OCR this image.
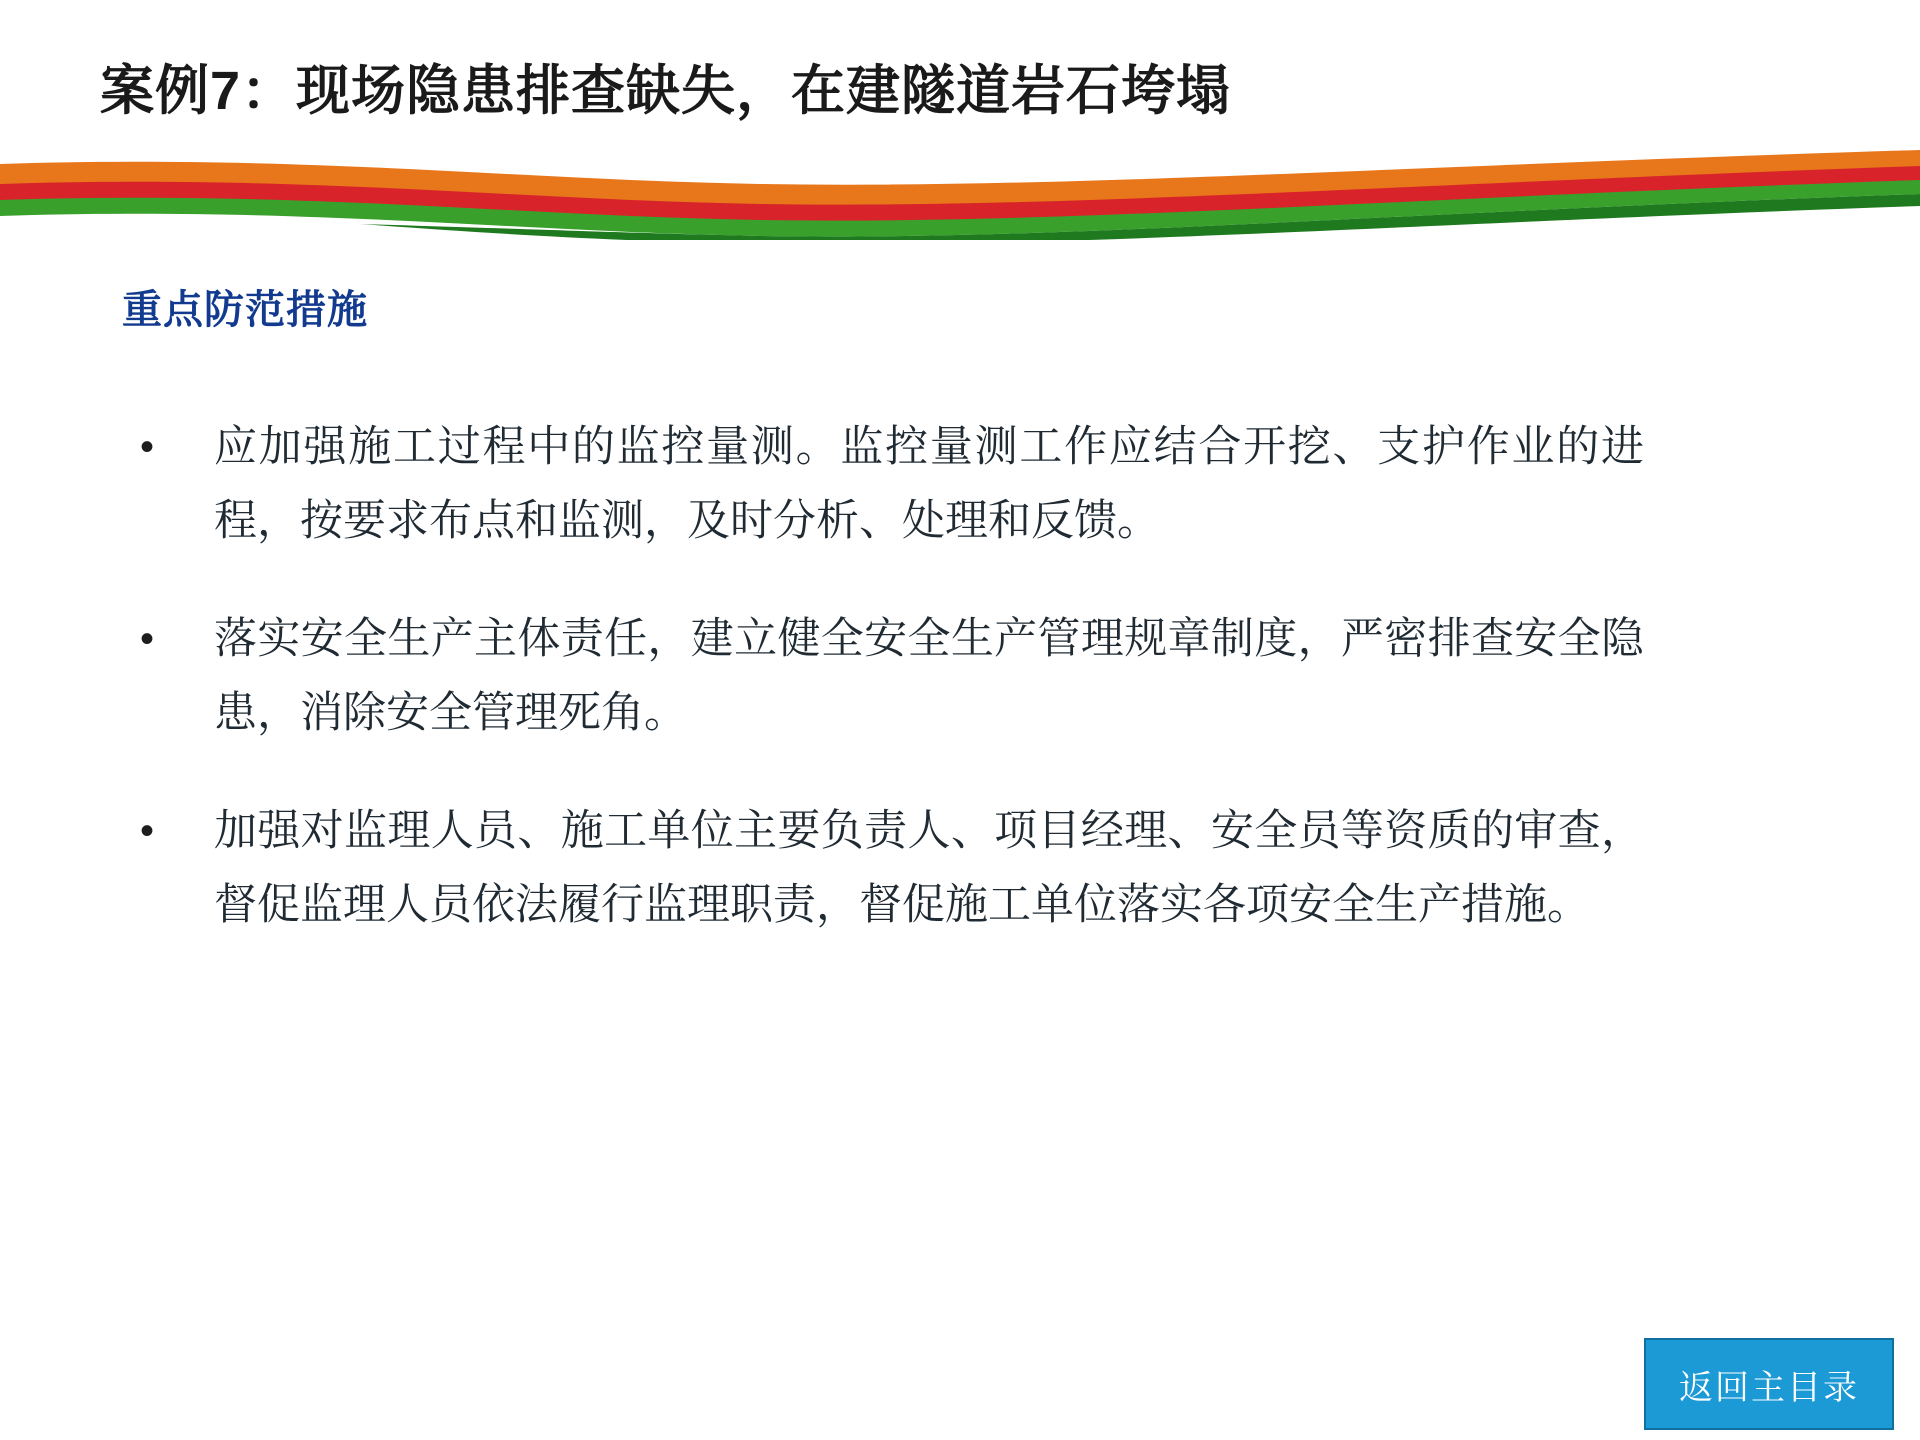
案例7：现场隐患排查缺失，在建隧道岩石垮塌
重点防范措施
•	应加强施工过程中的监控量测。监控量测工作应结合开挖、支护作业的进程，按要求布点和监测，及时分析、处理和反馈。
•	落实安全生产主体责任，建立健全安全生产管理规章制度，严密排查安全隐患，消除安全管理死角。
•	加强对监理人员、施工单位主要负责人、项目经理、安全员等资质的审查，督促监理人员依法履行监理职责，督促施工单位落实各项安全生产措施。
返回主目录
